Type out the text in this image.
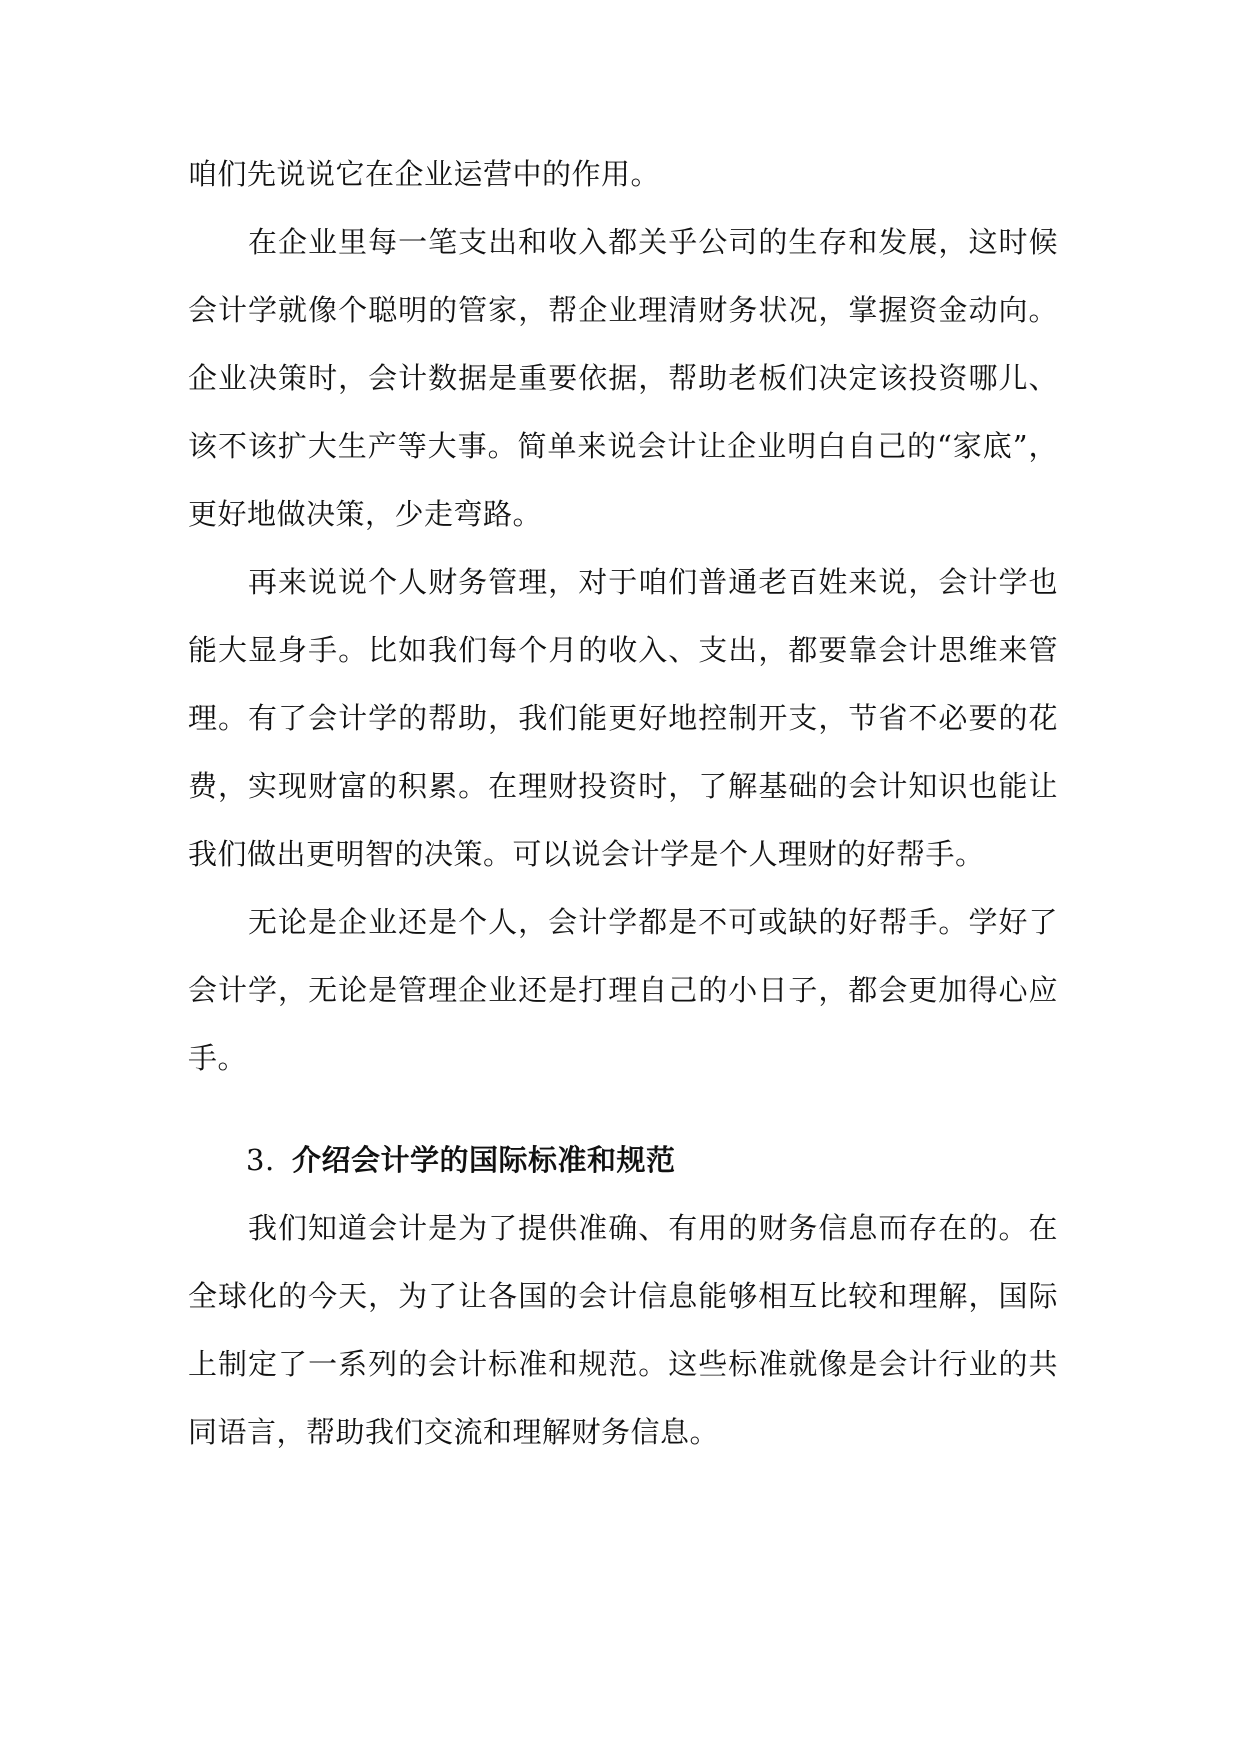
咱们先说说它在企业运营中的作用。

在企业里每一笔支出和收入都关乎公司的生存和发展，这时候会计学就像个聪明的管家，帮企业理清财务状况，掌握资金动向。企业决策时，会计数据是重要依据，帮助老板们决定该投资哪儿、该不该扩大生产等大事。简单来说会计让企业明白自己的“家底”，更好地做决策，少走弯路。

再来说说个人财务管理，对于咱们普通老百姓来说，会计学也能大显身手。比如我们每个月的收入、支出，都要靠会计思维来管理。有了会计学的帮助，我们能更好地控制开支，节省不必要的花费，实现财富的积累。在理财投资时，了解基础的会计知识也能让我们做出更明智的决策。可以说会计学是个人理财的好帮手。

无论是企业还是个人，会计学都是不可或缺的好帮手。学好了会计学，无论是管理企业还是打理自己的小日子，都会更加得心应手。

3. 介绍会计学的国际标准和规范

我们知道会计是为了提供准确、有用的财务信息而存在的。在全球化的今天，为了让各国的会计信息能够相互比较和理解，国际上制定了一系列的会计标准和规范。这些标准就像是会计行业的共同语言，帮助我们交流和理解财务信息。
